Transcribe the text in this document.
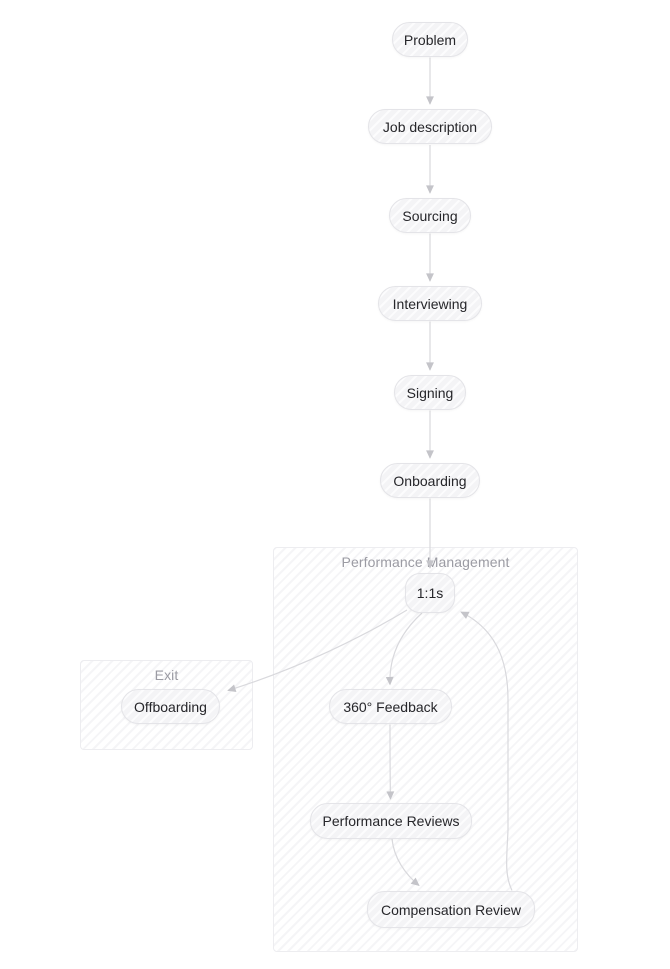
Performance Management
Exit
Problem
Job description
Sourcing
Interviewing
Signing
Onboarding
1:1s
360° Feedback
Performance Reviews
Compensation Review
Offboarding
